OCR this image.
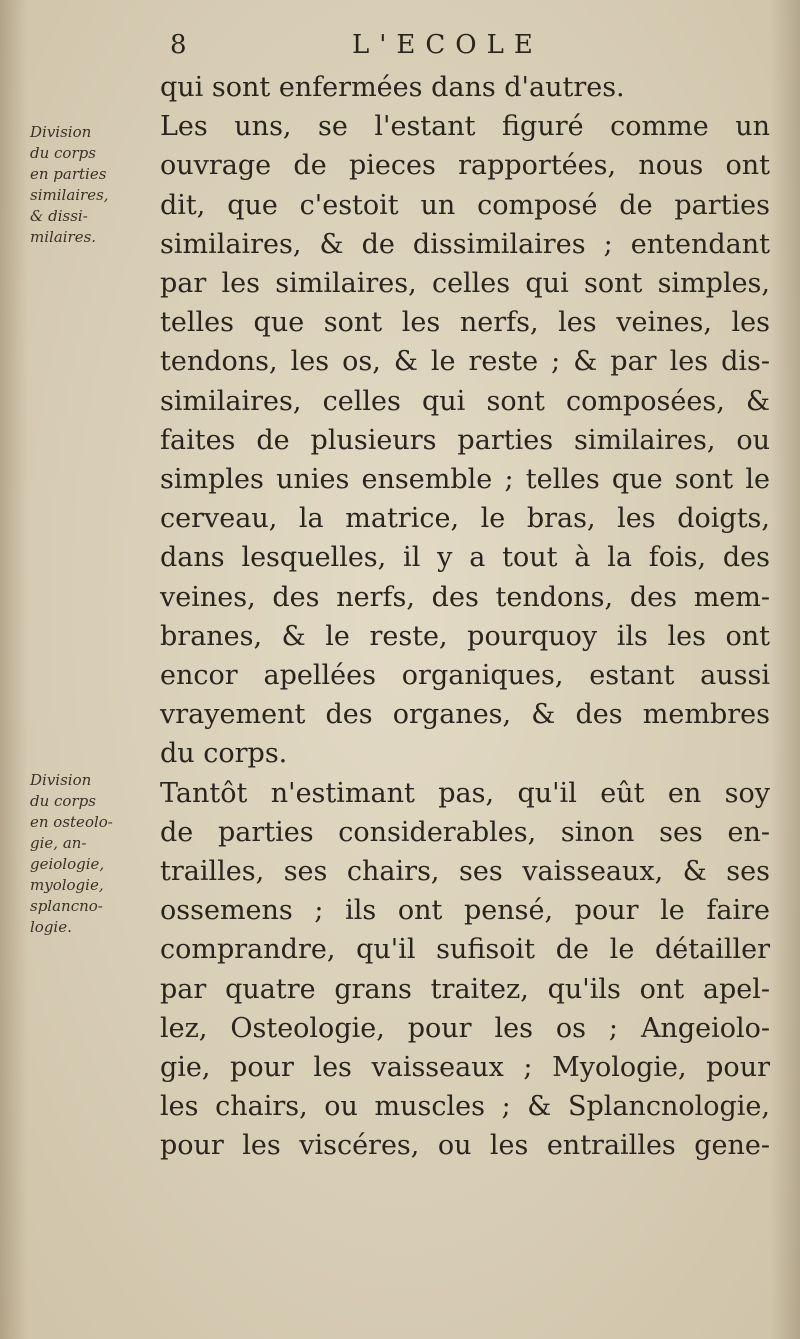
8	L'ECOLE
Division
du corps
en parties
similaires,
& dissi-
milaires.
Division
du corps
en osteolo-
gie, an-
geiologie,
myologie,
splancno-
logie.
qui sont enfermées dans d'autres.
Les uns, se l'estant figuré comme un
ouvrage de pieces rapportées, nous ont
dit, que c'estoit un composé de parties
similaires, & de dissimilaires ; entendant
par les similaires, celles qui sont simples,
telles que sont les nerfs, les veines, les
tendons, les os, & le reste ; & par les dis-
similaires, celles qui sont composées, &
faites de plusieurs parties similaires, ou
simples unies ensemble ; telles que sont le
cerveau, la matrice, le bras, les doigts,
dans lesquelles, il y a tout à la fois, des
veines, des nerfs, des tendons, des mem-
branes, & le reste, pourquoy ils les ont
encor apellées organiques, estant aussi
vrayement des organes, & des membres
du corps.
Tantôt n'estimant pas, qu'il eût en soy
de parties considerables, sinon ses en-
trailles, ses chairs, ses vaisseaux, & ses
ossemens ; ils ont pensé, pour le faire
comprandre, qu'il sufisoit de le détailler
par quatre grans traitez, qu'ils ont apel-
lez, Osteologie, pour les os ; Angeiolo-
gie, pour les vaisseaux ; Myologie, pour
les chairs, ou muscles ; & Splancnologie,
pour les viscéres, ou les entrailles gene-
